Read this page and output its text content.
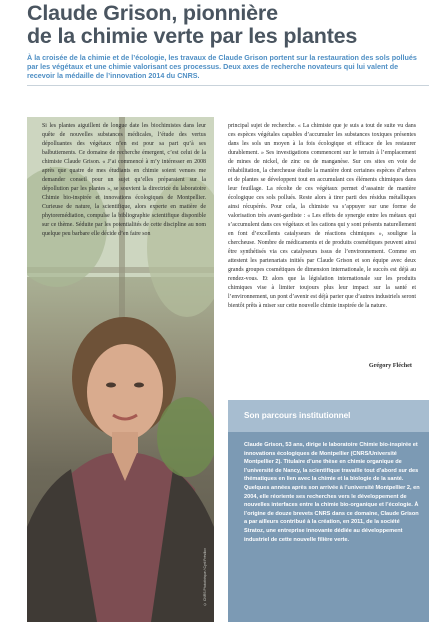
Claude Grison, pionnière
de la chimie verte par les plantes

À la croisée de la chimie et de l’écologie, les travaux de Claude Grison portent sur la restauration des sols pollués par les végétaux et une chimie valorisant ces processus. Deux axes de recherche novateurs qui lui valent de recevoir la médaille de l’innovation 2014 du CNRS.

© CNRS Photothèque / Cyril Frésillon

Si les plantes aiguillent de longue date les biochimistes dans leur quête de nouvelles substances médicales, l’étude des vertus dépolluantes des végétaux n’en est pour sa part qu’à ses balbutiements. Ce domaine de recherche émergent, c’est celui de la chimiste Claude Grison. « J’ai commencé à m’y intéresser en 2008 après que quatre de mes étudiants en chimie soient venues me demander conseil pour un sujet qu’elles préparaient sur la dépollution par les plantes », se souvient la directrice du laboratoire Chimie bio-inspirée et innovations écologiques de Montpellier. Curieuse de nature, la scientifique, alors experte en matière de phytoremédiation, compulse la bibliographie scientifique disponible sur ce thème. Séduite par les potentialités de cette discipline au nom quelque peu barbare elle décide d’en faire son

principal sujet de recherche. « La chimiste que je suis a tout de suite vu dans ces espèces végétales capables d’accumuler les substances toxiques présentes dans les sols un moyen à la fois écologique et efficace de les restaurer durablement. » Ses investigations commencent sur le terrain à l’emplacement de mines de nickel, de zinc ou de manganèse. Sur ces sites en voie de réhabilitation, la chercheuse étudie la manière dont certaines espèces d’arbres et de plantes se développent tout en accumulant ces éléments chimiques dans leur feuillage. La récolte de ces végétaux permet d’assainir de manière écologique ces sols pollués. Reste alors à tirer parti des résidus métalliques ainsi récupérés. Pour cela, la chimiste va s’appuyer sur une forme de valorisation très avant-gardiste : « Les effets de synergie entre les métaux qui s’accumulent dans ces végétaux et les cations qui y sont présents naturellement en font d’excellents catalyseurs de réactions chimiques », souligne la chercheuse. Nombre de médicaments et de produits cosmétiques peuvent ainsi être synthétisés via ces catalyseurs issus de l’environnement. Comme en attestent les partenariats initiés par Claude Grison et son équipe avec deux grands groupes cosmétiques de dimension internationale, le succès est déjà au rendez-vous. Et alors que la législation internationale sur les produits chimiques vise à limiter toujours plus leur impact sur la santé et l’environnement, un pont d’avenir est déjà parier que d’autres industriels seront bientôt prêts à miser sur cette nouvelle chimie inspirée de la nature.

Grégory Fléchet

Son parcours institutionnel

Claude Grison, 53 ans, dirige le laboratoire Chimie bio-inspirée et innovations écologiques de Montpellier (CNRS/Université Montpellier 2). Titulaire d’une thèse en chimie organique de l’université de Nancy, la scientifique travaille tout d’abord sur des thématiques en lien avec la chimie et la biologie de la santé. Quelques années après son arrivée à l’université Montpellier 2, en 2004, elle réoriente ses recherches vers le développement de nouvelles interfaces entre la chimie bio-organique et l’écologie. À l’origine de douze brevets CNRS dans ce domaine, Claude Grison a par ailleurs contribué à la création, en 2011, de la société Stratoz, une entreprise innovante dédiée au développement industriel de cette nouvelle filière verte.
